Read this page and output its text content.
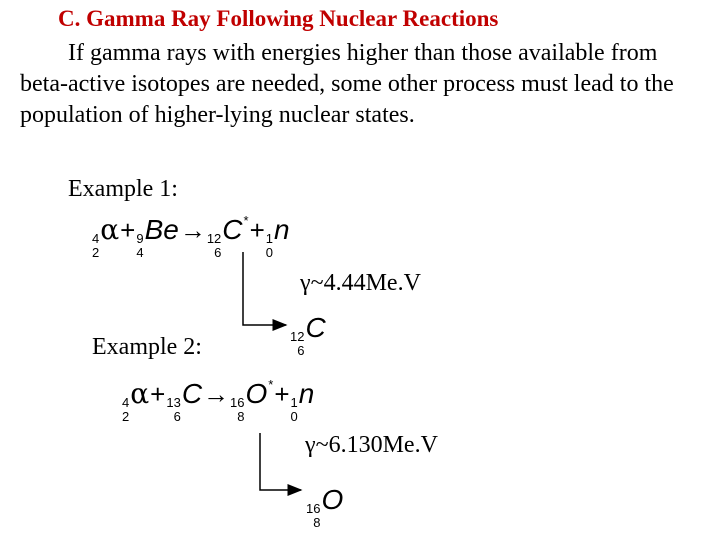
C. Gamma Ray Following Nuclear Reactions
If gamma rays with energies higher than those available from beta-active isotopes are needed, some other process must lead to the population of higher-lying nuclear states.
Example 1:
4
2
α+ 9
4
Be→ 12
6
C*+ 1
0
n
γ~4.44Me.V
12
6
C
Example 2:
4
2
α+ 13
6
C→ 16
8
O*+ 1
0
n
γ~6.130Me.V
16
8
O
